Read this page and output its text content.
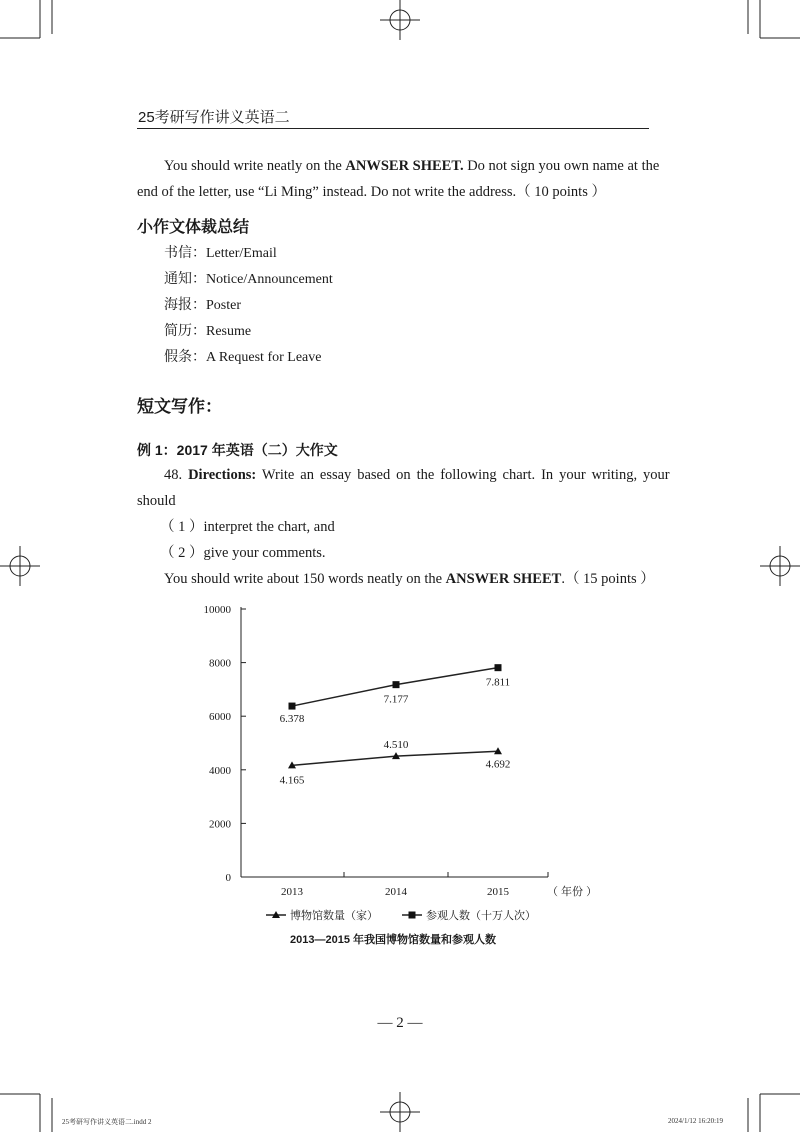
25考研写作讲义英语二
You should write neatly on the ANWSER SHEET. Do not sign you own name at the
end of the letter, use “Li Ming” instead. Do not write the address.（ 10 points ）
小作文体裁总结
书信：Letter/Email
通知：Notice/Announcement
海报：Poster
简历：Resume
假条：A Request for Leave
短文写作：
例 1：2017 年英语（二）大作文
48. Directions: Write an essay based on the following chart. In your writing, your
should
（ 1 ）interpret the chart, and
（ 2 ）give your comments.
You should write about 150 words neatly on the ANSWER SHEET.（ 15 points ）
0
2000
4000
6000
8000
10000
2013	2014	2015	（ 年份 ）
4.165
4.510
4.692
6.378
7.177
7.811
博物馆数量（家）	参观人数（十万人次）
2013—2015 年我国博物馆数量和参观人数
— 2 —
25考研写作讲义英语二.indd 2	2024/1/12 16:20:19
